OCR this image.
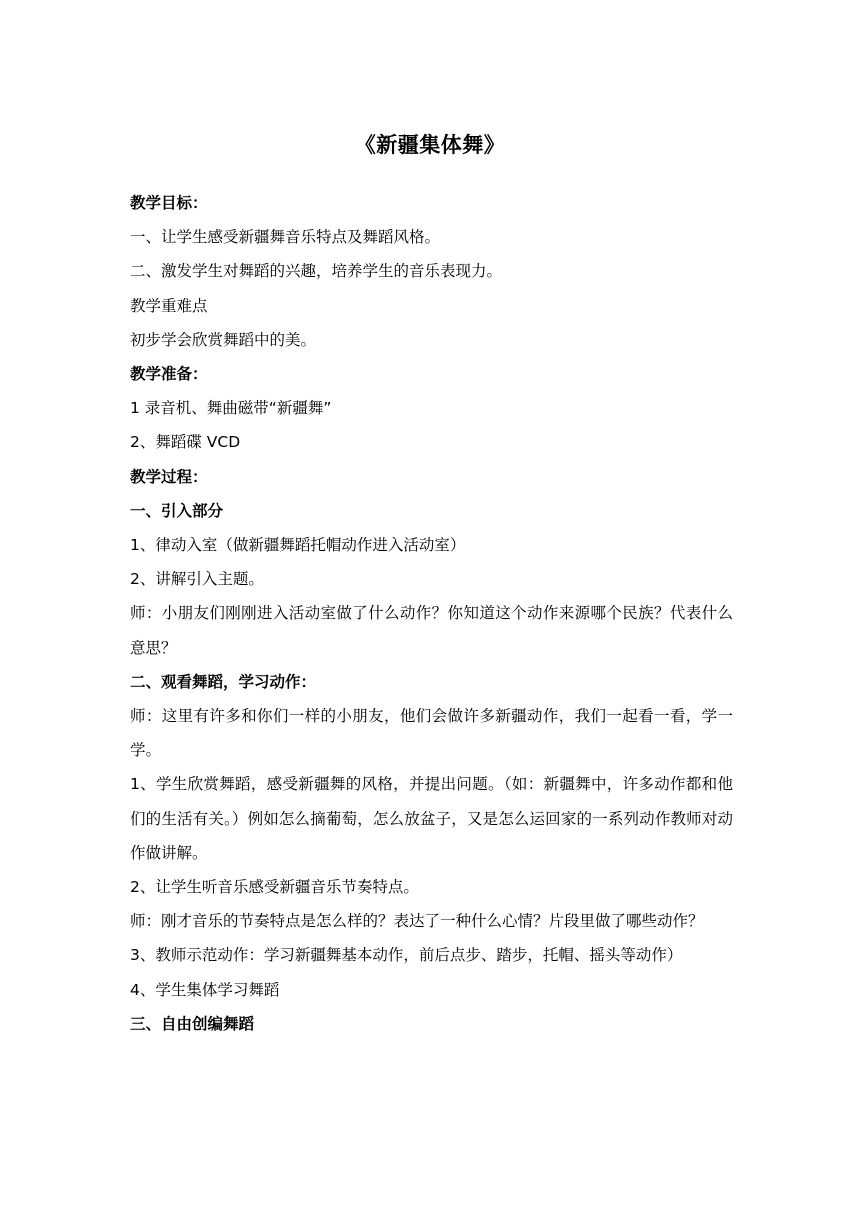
《新疆集体舞》

教学目标：

一、让学生感受新疆舞音乐特点及舞蹈风格。

二、激发学生对舞蹈的兴趣，培养学生的音乐表现力。

教学重难点

初步学会欣赏舞蹈中的美。

教学准备：

1 录音机、舞曲磁带“新疆舞”

2、舞蹈碟 VCD

教学过程：

一、引入部分

1、律动入室（做新疆舞蹈托帽动作进入活动室）

2、讲解引入主题。

师：小朋友们刚刚进入活动室做了什么动作？你知道这个动作来源哪个民族？代表什么意思？

二、观看舞蹈，学习动作：

师：这里有许多和你们一样的小朋友，他们会做许多新疆动作，我们一起看一看，学一学。

1、学生欣赏舞蹈，感受新疆舞的风格，并提出问题。（如：新疆舞中，许多动作都和他们的生活有关。）例如怎么摘葡萄，怎么放盆子，又是怎么运回家的一系列动作教师对动作做讲解。

2、让学生听音乐感受新疆音乐节奏特点。

师：刚才音乐的节奏特点是怎么样的？表达了一种什么心情？片段里做了哪些动作？

3、教师示范动作：学习新疆舞基本动作，前后点步、踏步，托帽、摇头等动作）

4、学生集体学习舞蹈

三、自由创编舞蹈
